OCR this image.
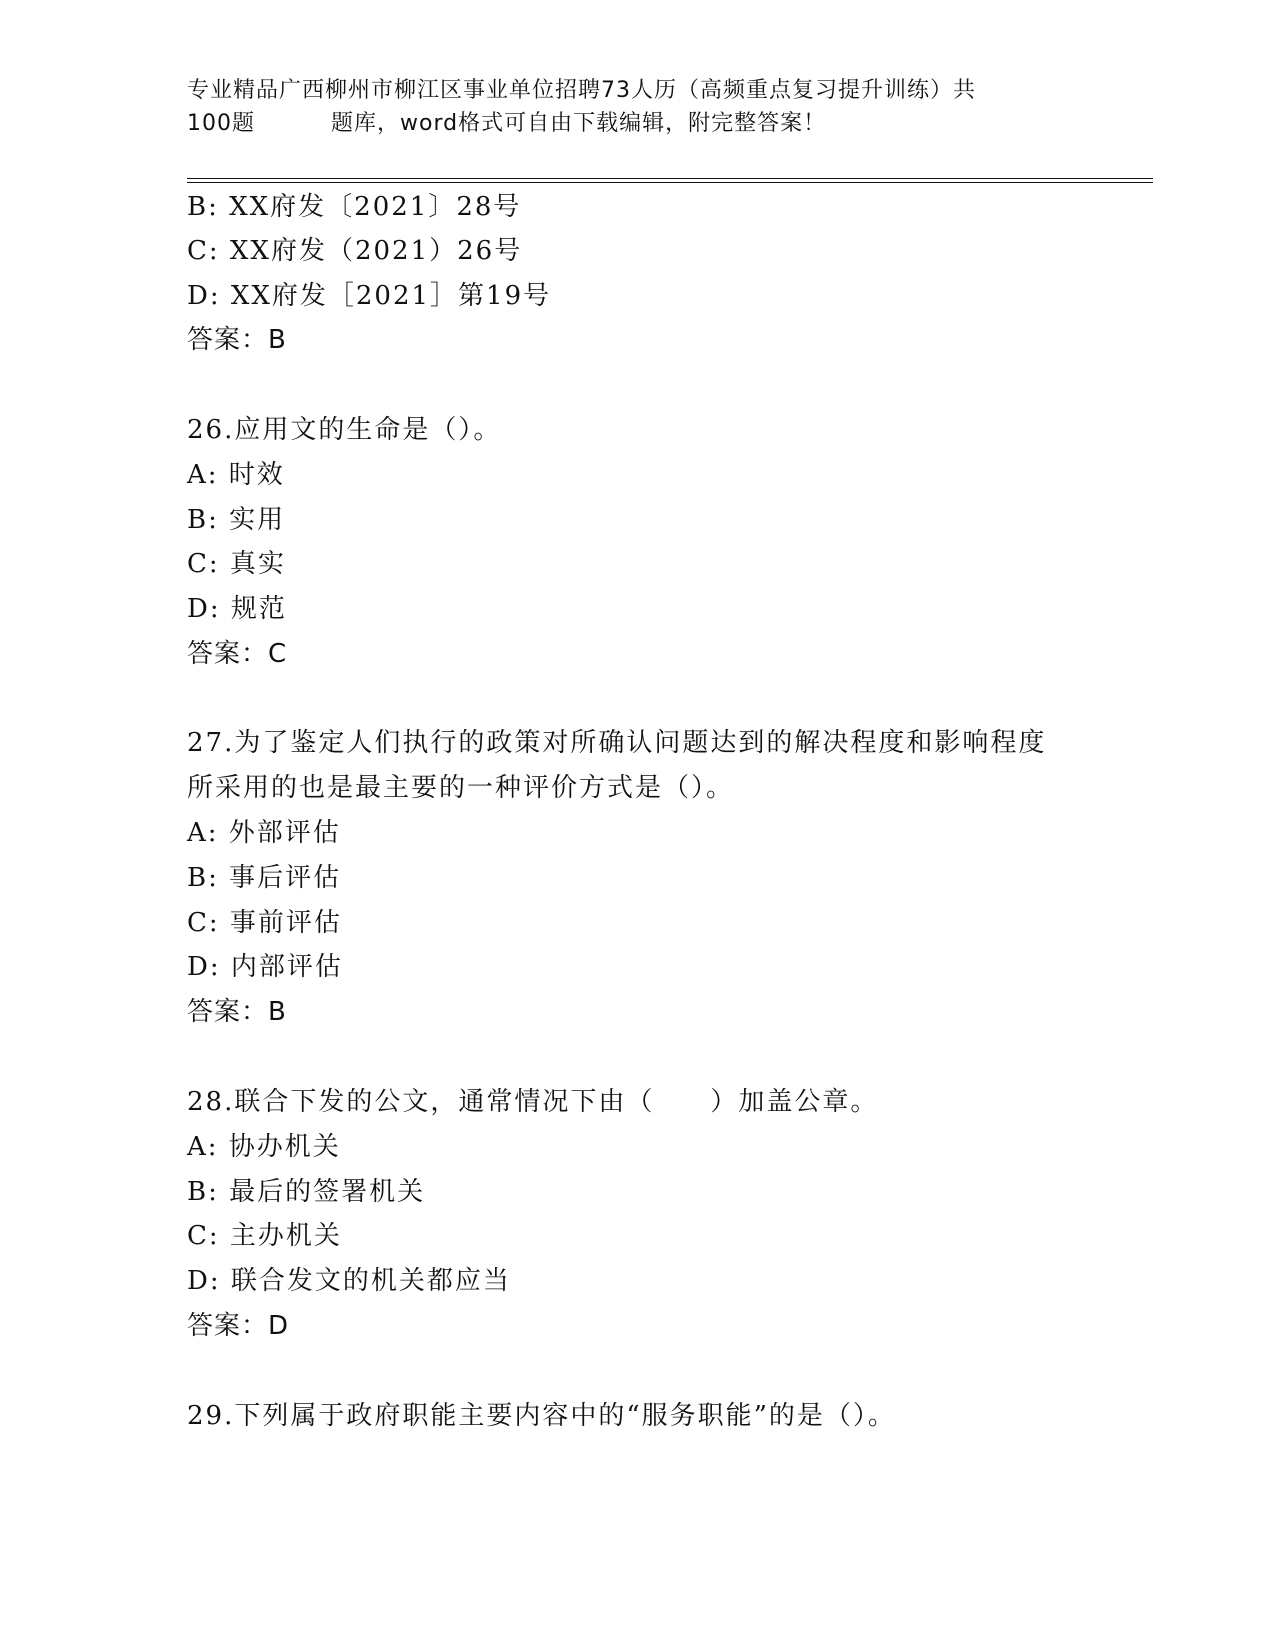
专业精品广西柳州市柳江区事业单位招聘73人历（高频重点复习提升训练）共
100题	题库，word格式可自由下载编辑，附完整答案！
B: XX府发〔2021〕28号
C: XX府发（2021）26号
D: XX府发［2021］第19号
答案：B
26.应用文的生命是（）。
A: 时效
B: 实用
C: 真实
D: 规范
答案：C
27.为了鉴定人们执行的政策对所确认问题达到的解决程度和影响程度
所采用的也是最主要的一种评价方式是（）。
A: 外部评估
B: 事后评估
C: 事前评估
D: 内部评估
答案：B
28.联合下发的公文，通常情况下由（　　）加盖公章。
A: 协办机关
B: 最后的签署机关
C: 主办机关
D: 联合发文的机关都应当
答案：D
29.下列属于政府职能主要内容中的“服务职能”的是（）。
